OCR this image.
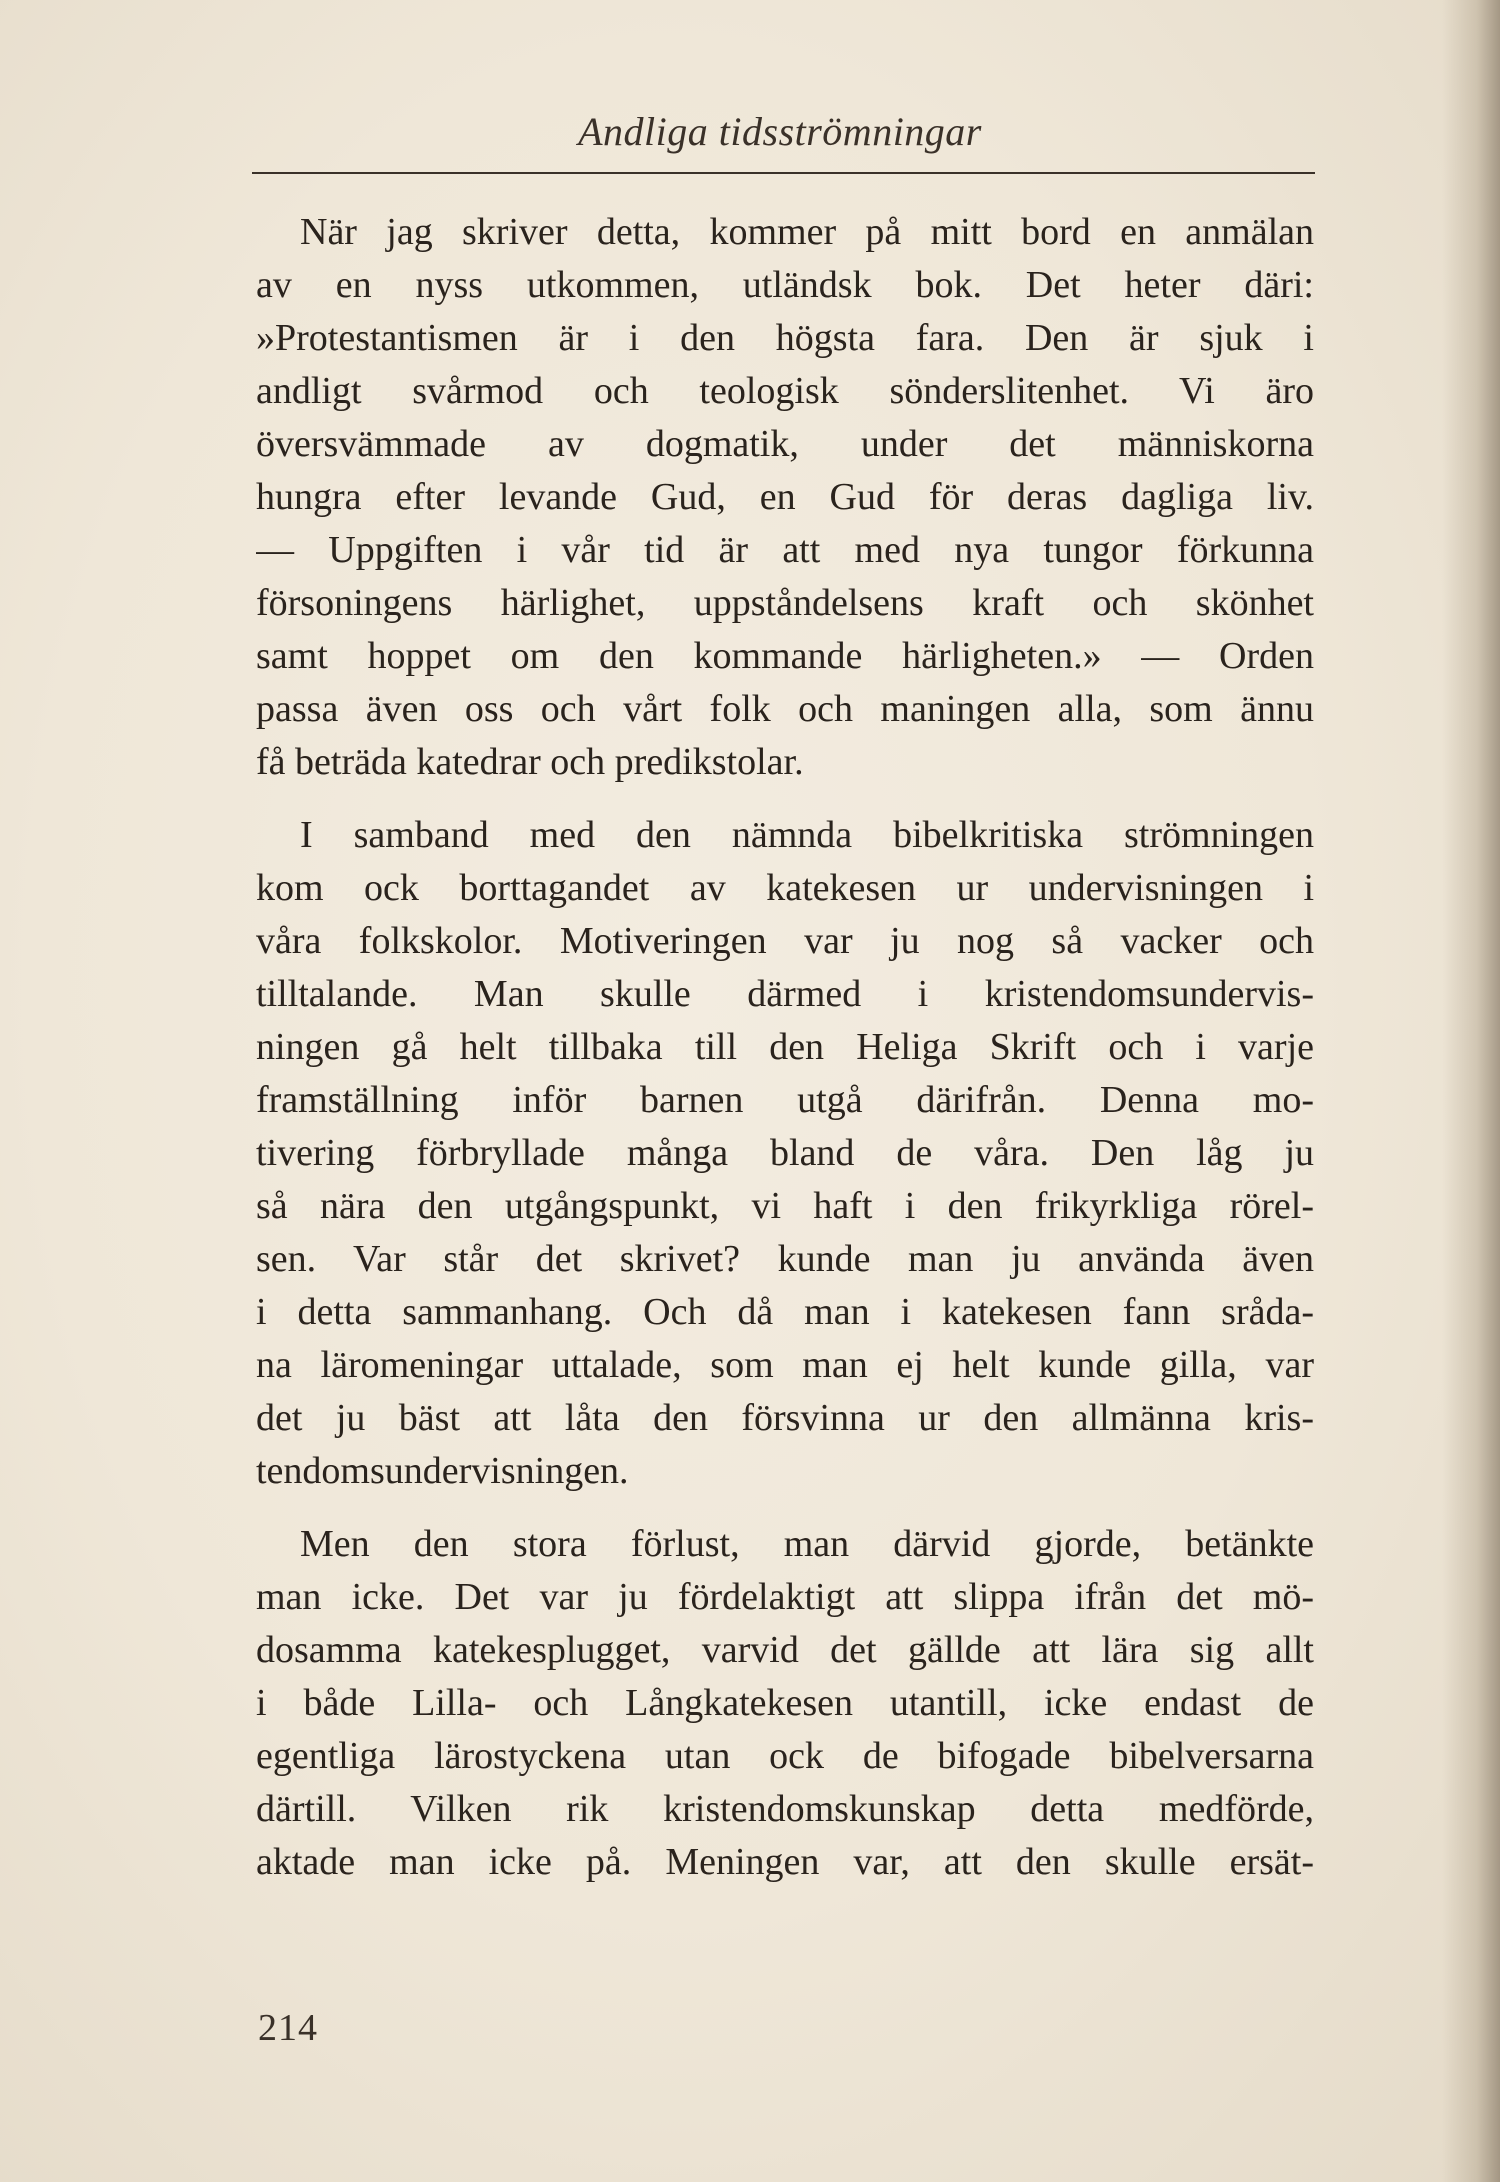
Andliga tidsströmningar
När jag skriver detta, kommer på mitt bord en anmälan
av en nyss utkommen, utländsk bok. Det heter däri:
»Protestantismen är i den högsta fara. Den är sjuk i
andligt svårmod och teologisk sönderslitenhet. Vi äro
översvämmade av dogmatik, under det människorna
hungra efter levande Gud, en Gud för deras dagliga liv.
— Uppgiften i vår tid är att med nya tungor förkunna
försoningens härlighet, uppståndelsens kraft och skönhet
samt hoppet om den kommande härligheten.» — Orden
passa även oss och vårt folk och maningen alla, som ännu
få beträda katedrar och predikstolar.
I samband med den nämnda bibelkritiska strömningen
kom ock borttagandet av katekesen ur undervisningen i
våra folkskolor. Motiveringen var ju nog så vacker och
tilltalande. Man skulle därmed i kristendomsundervis-
ningen gå helt tillbaka till den Heliga Skrift och i varje
framställning inför barnen utgå därifrån. Denna mo-
tivering förbryllade många bland de våra. Den låg ju
så nära den utgångspunkt, vi haft i den frikyrkliga rörel-
sen. Var står det skrivet? kunde man ju använda även
i detta sammanhang. Och då man i katekesen fann sråda-
na läromeningar uttalade, som man ej helt kunde gilla, var
det ju bäst att låta den försvinna ur den allmänna kris-
tendomsundervisningen.
Men den stora förlust, man därvid gjorde, betänkte
man icke. Det var ju fördelaktigt att slippa ifrån det mö-
dosamma katekesplugget, varvid det gällde att lära sig allt
i både Lilla- och Långkatekesen utantill, icke endast de
egentliga lärostyckena utan ock de bifogade bibelversarna
därtill. Vilken rik kristendomskunskap detta medförde,
aktade man icke på. Meningen var, att den skulle ersät-
214
